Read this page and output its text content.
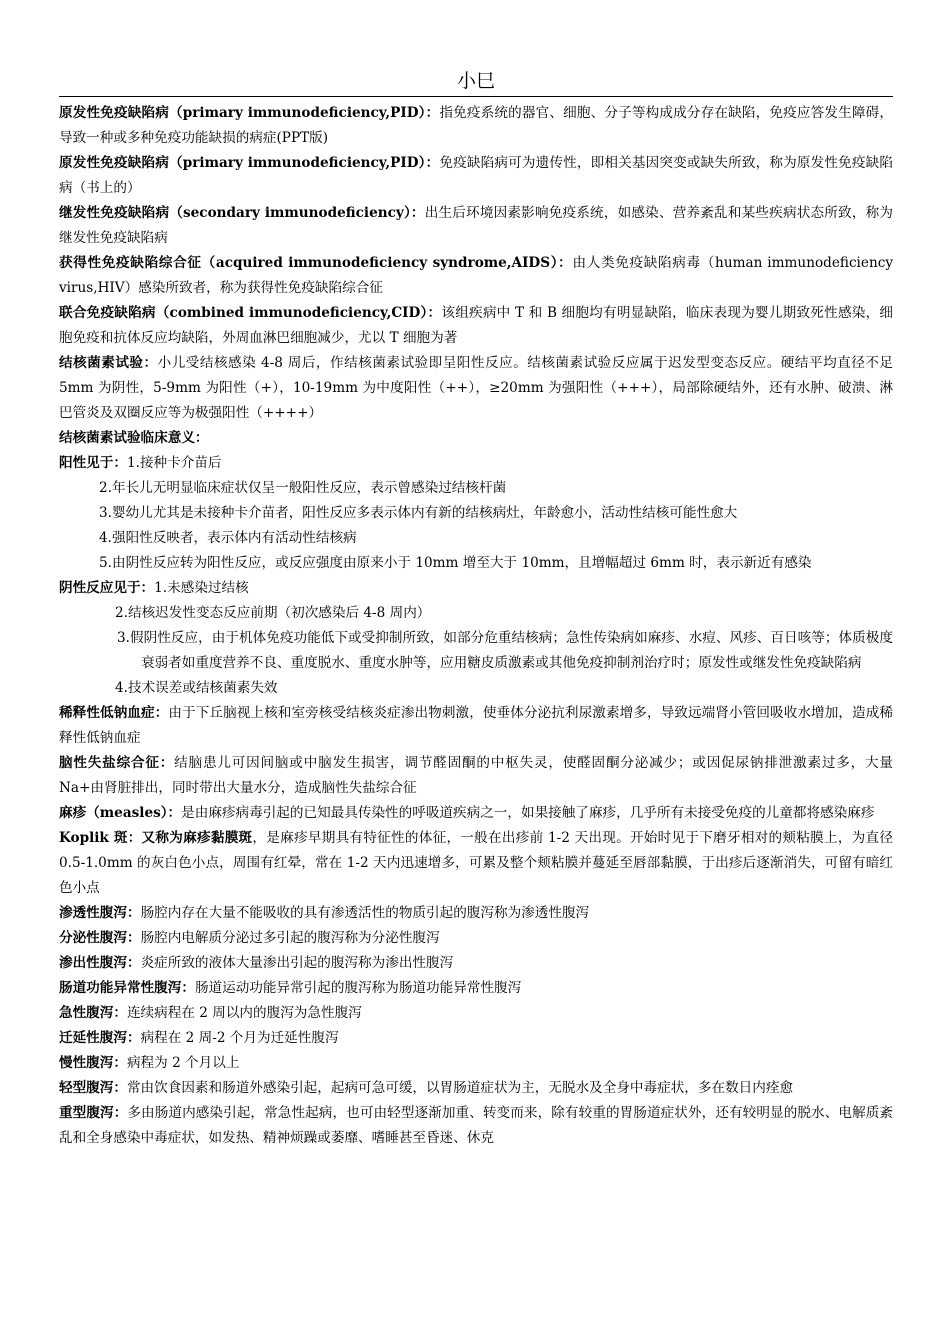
小巳

原发性免疫缺陷病（primary immunodeficiency,PID）：指免疫系统的器官、细胞、分子等构成成分存在缺陷，免疫应答发生障碍，导致一种或多种免疫功能缺损的病症(PPT版)

原发性免疫缺陷病（primary immunodeficiency,PID）：免疫缺陷病可为遗传性，即相关基因突变或缺失所致，称为原发性免疫缺陷病（书上的）

继发性免疫缺陷病（secondary immunodeficiency）：出生后环境因素影响免疫系统，如感染、营养紊乱和某些疾病状态所致，称为继发性免疫缺陷病

获得性免疫缺陷综合征（acquired immunodeficiency syndrome,AIDS）：由人类免疫缺陷病毒（human immunodeficiency virus,HIV）感染所致者，称为获得性免疫缺陷综合征

联合免疫缺陷病（combined immunodeficiency,CID）：该组疾病中 T 和 B 细胞均有明显缺陷，临床表现为婴儿期致死性感染，细胞免疫和抗体反应均缺陷，外周血淋巴细胞减少，尤以 T 细胞为著

结核菌素试验：小儿受结核感染 4-8 周后，作结核菌素试验即呈阳性反应。结核菌素试验反应属于迟发型变态反应。硬结平均直径不足 5mm 为阴性，5-9mm 为阳性（+），10-19mm 为中度阳性（++），≥20mm 为强阳性（+++），局部除硬结外，还有水肿、破溃、淋巴管炎及双圈反应等为极强阳性（++++）

结核菌素试验临床意义：

阳性见于：1.接种卡介苗后

2.年长儿无明显临床症状仅呈一般阳性反应，表示曾感染过结核杆菌

3.婴幼儿尤其是未接种卡介苗者，阳性反应多表示体内有新的结核病灶，年龄愈小，活动性结核可能性愈大

4.强阳性反映者，表示体内有活动性结核病

5.由阴性反应转为阳性反应，或反应强度由原来小于 10mm 增至大于 10mm，且增幅超过 6mm 时，表示新近有感染

阴性反应见于：1.未感染过结核

2.结核迟发性变态反应前期（初次感染后 4-8 周内）

3.假阴性反应，由于机体免疫功能低下或受抑制所致，如部分危重结核病；急性传染病如麻疹、水痘、风疹、百日咳等；体质极度衰弱者如重度营养不良、重度脱水、重度水肿等，应用糖皮质激素或其他免疫抑制剂治疗时；原发性或继发性免疫缺陷病

4.技术误差或结核菌素失效

稀释性低钠血症：由于下丘脑视上核和室旁核受结核炎症渗出物刺激，使垂体分泌抗利尿激素增多，导致远端肾小管回吸收水增加，造成稀释性低钠血症

脑性失盐综合征：结脑患儿可因间脑或中脑发生损害，调节醛固酮的中枢失灵，使醛固酮分泌减少；或因促尿钠排泄激素过多，大量 Na+由肾脏排出，同时带出大量水分，造成脑性失盐综合征

麻疹（measles）：是由麻疹病毒引起的已知最具传染性的呼吸道疾病之一，如果接触了麻疹，几乎所有未接受免疫的儿童都将感染麻疹

Koplik 斑：又称为麻疹黏膜斑，是麻疹早期具有特征性的体征，一般在出疹前 1-2 天出现。开始时见于下磨牙相对的颊粘膜上，为直径 0.5-1.0mm 的灰白色小点，周围有红晕，常在 1-2 天内迅速增多，可累及整个颊粘膜并蔓延至唇部黏膜，于出疹后逐渐消失，可留有暗红色小点

渗透性腹泻：肠腔内存在大量不能吸收的具有渗透活性的物质引起的腹泻称为渗透性腹泻

分泌性腹泻：肠腔内电解质分泌过多引起的腹泻称为分泌性腹泻

渗出性腹泻：炎症所致的液体大量渗出引起的腹泻称为渗出性腹泻

肠道功能异常性腹泻：肠道运动功能异常引起的腹泻称为肠道功能异常性腹泻

急性腹泻：连续病程在 2 周以内的腹泻为急性腹泻

迁延性腹泻：病程在 2 周-2 个月为迁延性腹泻

慢性腹泻：病程为 2 个月以上

轻型腹泻：常由饮食因素和肠道外感染引起，起病可急可缓，以胃肠道症状为主，无脱水及全身中毒症状，多在数日内痊愈

重型腹泻：多由肠道内感染引起，常急性起病，也可由轻型逐渐加重、转变而来，除有较重的胃肠道症状外，还有较明显的脱水、电解质紊乱和全身感染中毒症状，如发热、精神烦躁或萎靡、嗜睡甚至昏迷、休克
